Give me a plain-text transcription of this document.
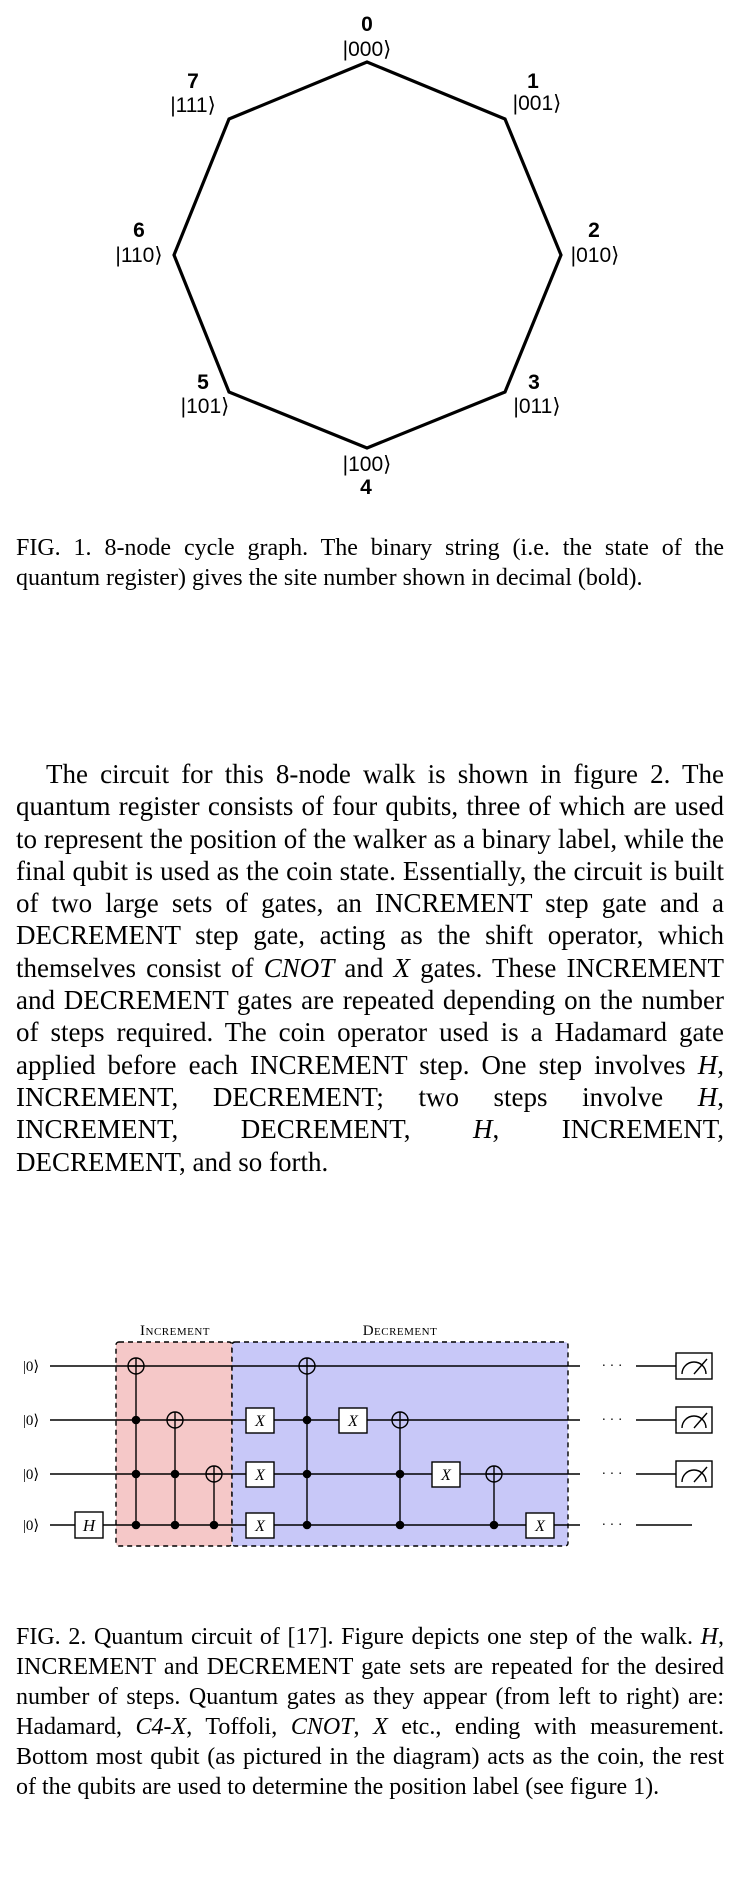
0
|000⟩
1
|001⟩
2
|010⟩
3
|011⟩
|100⟩
4
5
|101⟩
6
|110⟩
7
|111⟩
FIG. 1. 8-node cycle graph. The binary string (i.e. the state of the quantum register) gives the site number shown in decimal (bold).

The circuit for this 8-node walk is shown in figure 2. The quantum register consists of four qubits, three of which are used to represent the position of the walker as a binary label, while the final qubit is used as the coin state. Essentially, the circuit is built of two large sets of gates, an INCREMENT step gate and a DECREMENT step gate, acting as the shift operator, which themselves consist of CNOT and X gates. These INCREMENT and DECREMENT gates are repeated depending on the number of steps required. The coin operator used is a Hadamard gate applied before each INCREMENT step. One step involves H, INCREMENT, DECREMENT; two steps involve H, INCREMENT, DECREMENT, H, INCREMENT, DECREMENT, and so forth.

Increment	Decrement
|0⟩
|0⟩
|0⟩
|0⟩
· · ·
· · ·
· · ·
· · ·
H
X
X
X
X
X
X
FIG. 2. Quantum circuit of [17]. Figure depicts one step of the walk. H, INCREMENT and DECREMENT gate sets are repeated for the desired number of steps. Quantum gates as they appear (from left to right) are: Hadamard, C4-X, Toffoli, CNOT, X etc., ending with measurement. Bottom most qubit (as pictured in the diagram) acts as the coin, the rest of the qubits are used to determine the position label (see figure 1).
